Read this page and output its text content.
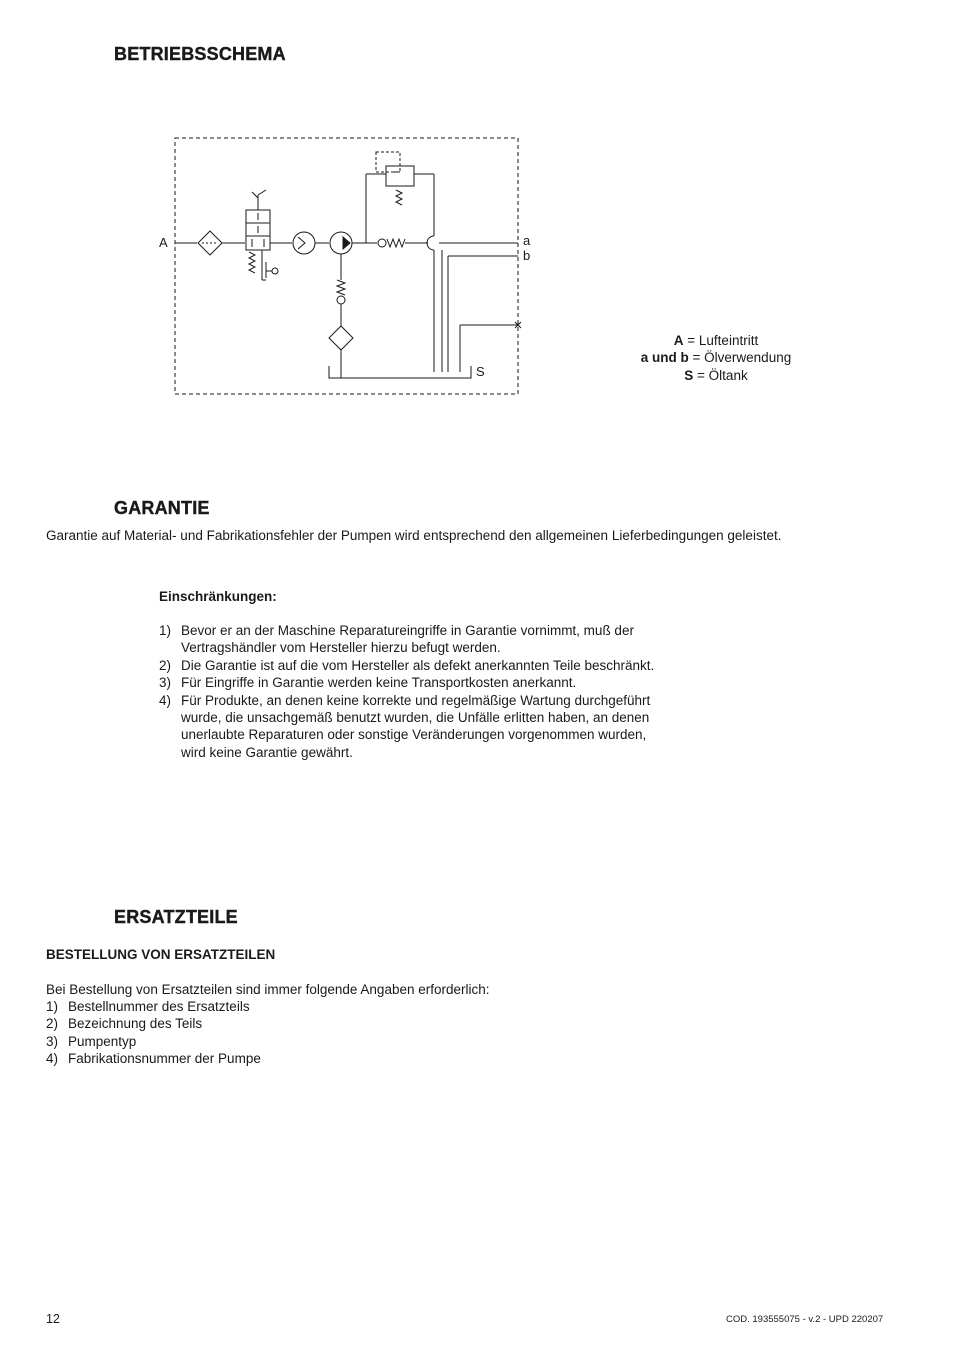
BETRIEBSSCHEMA
A	a
b
S
A = Lufteintritt
a und b = Ölverwendung
S = Öltank
GARANTIE
Garantie auf Material- und Fabrikationsfehler der Pumpen wird entsprechend den allgemeinen Lieferbedingungen geleistet.
Einschränkungen:
1) Bevor er an der Maschine Reparatureingriffe in Garantie vornimmt, muß der
Vertragshändler vom Hersteller hierzu befugt werden.
2) Die Garantie ist auf die vom Hersteller als defekt anerkannten Teile beschränkt.
3) Für Eingriffe in Garantie werden keine Transportkosten anerkannt.
4) Für Produkte, an denen keine korrekte und regelmäßige Wartung durchgeführt
wurde, die unsachgemäß benutzt wurden, die Unfälle erlitten haben, an denen
unerlaubte Reparaturen oder sonstige Veränderungen vorgenommen wurden,
wird keine Garantie gewährt.
ERSATZTEILE
BESTELLUNG VON ERSATZTEILEN
Bei Bestellung von Ersatzteilen sind immer folgende Angaben erforderlich:
1) Bestellnummer des Ersatzteils
2) Bezeichnung des Teils
3) Pumpentyp
4) Fabrikationsnummer der Pumpe
12	COD. 193555075 - v.2 - UPD 220207
